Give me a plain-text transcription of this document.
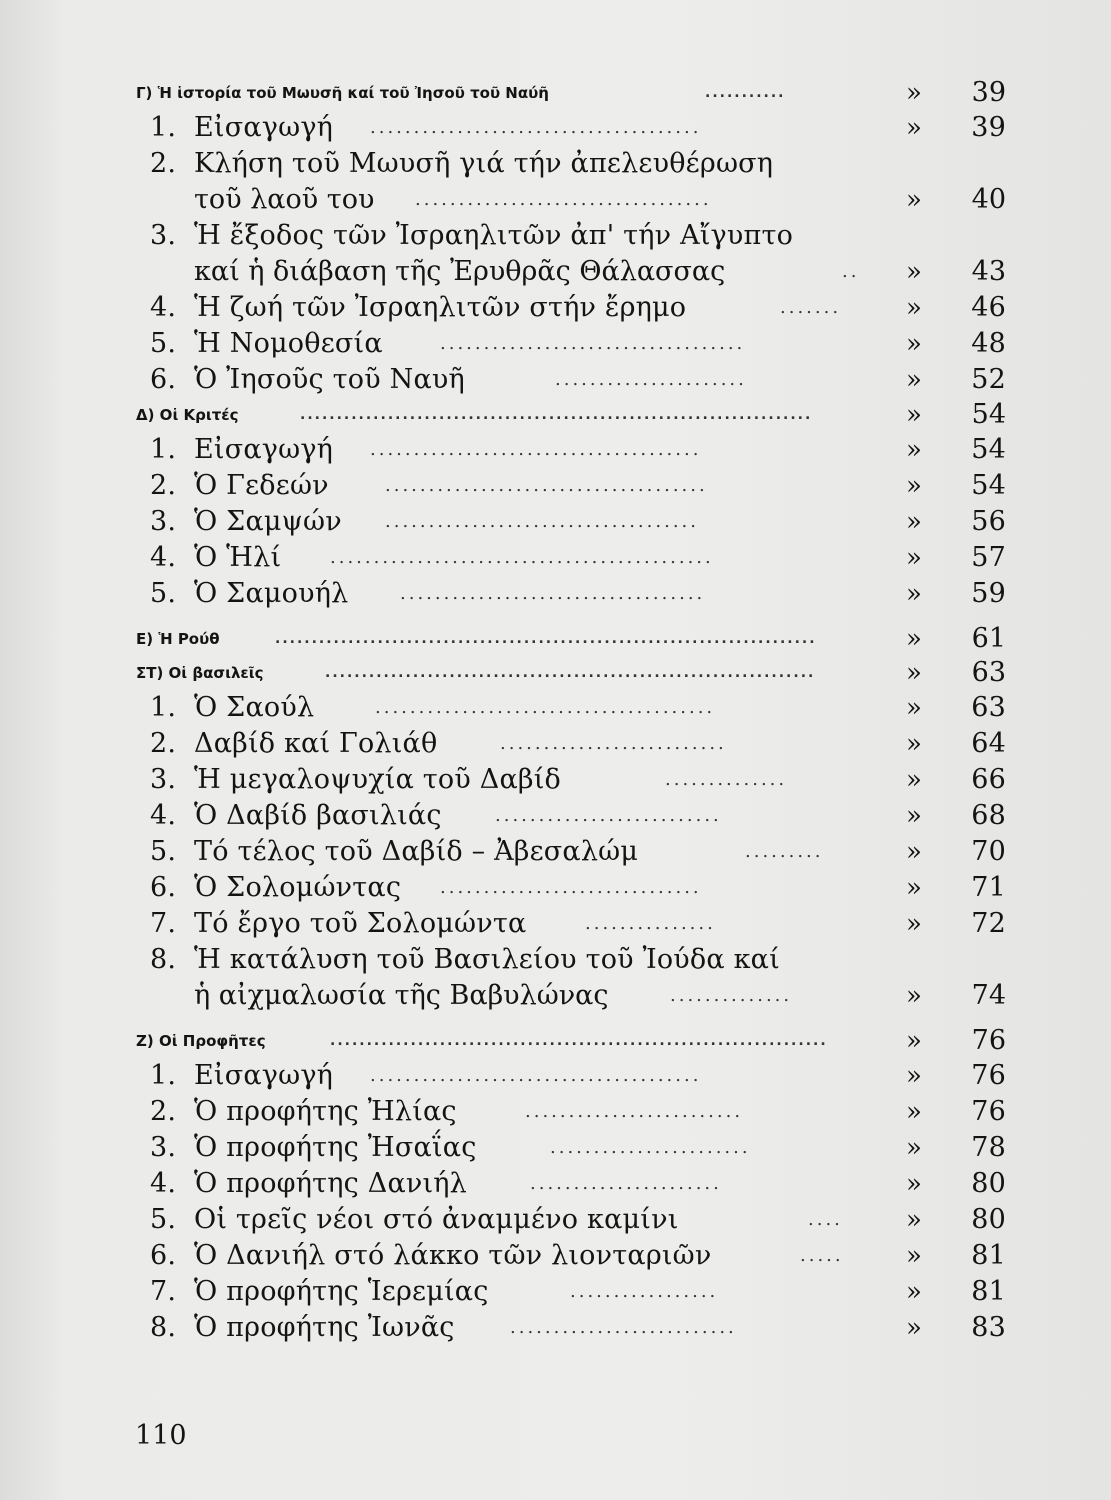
Γ) Ἡ ἱστορία τοῦ Μωυσῆ καί τοῦ Ἰησοῦ τοῦ Ναύῆ	...........	»	39
1. Εἰσαγωγή ......................................	»	39
2. Κλήση τοῦ Μωυσῆ γιά τήν ἀπελευθέρωση
τοῦ λαοῦ του ..................................	»	40
3. Ἡ ἔξοδος τῶν Ἰσραηλιτῶν ἀπ' τήν Αἴγυπτο
καί ἡ διάβαση τῆς Ἐρυθρᾶς Θάλασσας	.. »	43
4. Ἡ ζωή τῶν Ἰσραηλιτῶν στήν ἔρημο	.......	»	46
5. Ἡ Νομοθεσία	...................................	»	48
6. Ὁ Ἰησοῦς τοῦ Ναυῆ	......................	»	52
Δ) Οἱ Κριτές	......................................................................	»	54
1. Εἰσαγωγή ......................................	»	54
2. Ὁ Γεδεών	.....................................	»	54
3. Ὁ Σαμψών ....................................	»	56
4. Ὁ Ἡλί	............................................	»	57
5. Ὁ Σαμουήλ	...................................	»	59
Ε) Ἡ Ρούθ	..........................................................................	»	61
ΣΤ) Οἱ βασιλεῖς	...................................................................	»	63
1. Ὁ Σαούλ	.......................................	»	63
2. Δαβίδ καί Γολιάθ	..........................	»	64
3. Ἡ μεγαλοψυχία τοῦ Δαβίδ	..............	»	66
4. Ὁ Δαβίδ βασιλιάς	..........................	»	68
5. Τό τέλος τοῦ Δαβίδ – Ἀβεσαλώμ	.........	»	70
6. Ὁ Σολομώντας ..............................	»	71
7. Τό ἔργο τοῦ Σολομώντα	...............	»	72
8. Ἡ κατάλυση τοῦ Βασιλείου τοῦ Ἰούδα καί
ἡ αἰχμαλωσία τῆς Βαβυλώνας	..............	»	74
Ζ) Οἱ Προφῆτες	....................................................................	»	76
1. Εἰσαγωγή ......................................	»	76
2. Ὁ προφήτης Ἠλίας	.........................	»	76
3. Ὁ προφήτης Ἠσαΐας	.......................	»	78
4. Ὁ προφήτης Δανιήλ	......................	»	80
5. Οἱ τρεῖς νέοι στό ἀναμμένο καμίνι	....	»	80
6. Ὁ Δανιήλ στό λάκκο τῶν λιονταριῶν	.....	»	81
7. Ὁ προφήτης Ἱερεμίας	.................	»	81
8. Ὁ προφήτης Ἰωνᾶς	..........................	»	83
110
